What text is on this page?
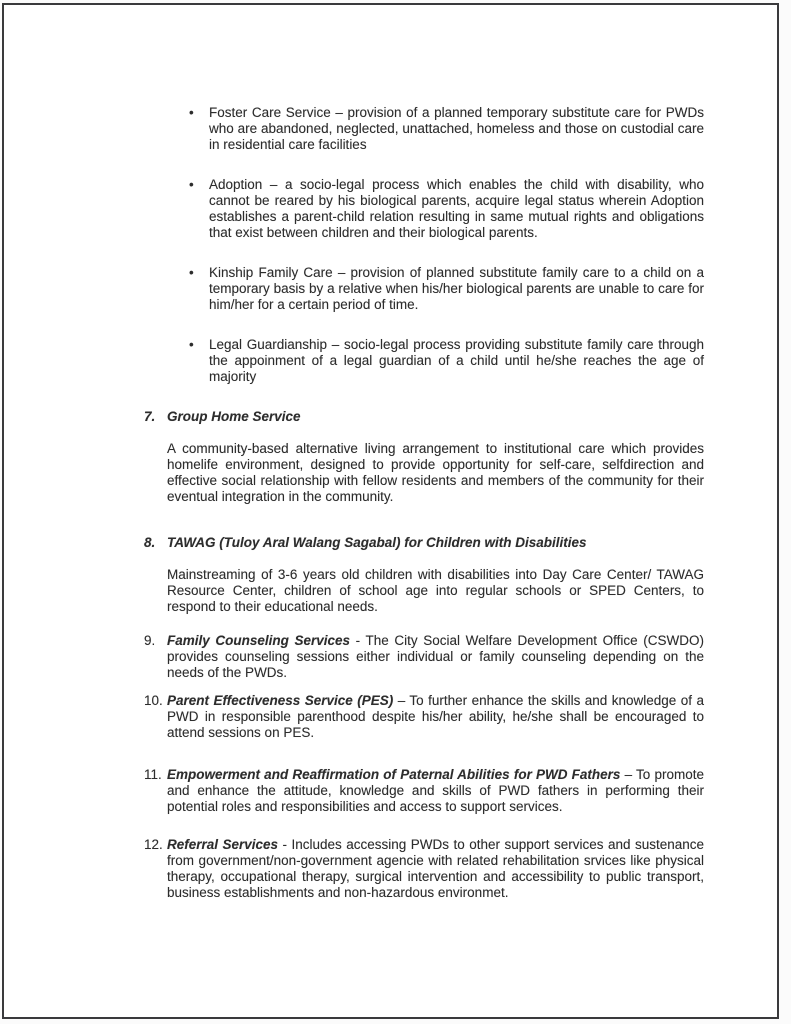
•	Foster Care Service – provision of a planned temporary substitute care for PWDs who are abandoned, neglected, unattached, homeless and those on custodial care in residential care facilities
•	Adoption – a socio-legal process which enables the child with disability, who cannot be reared by his biological parents, acquire legal status wherein Adoption establishes a parent-child relation resulting in same mutual rights and obligations that exist between children and their biological parents.
•	Kinship Family Care – provision of planned substitute family care to a child on a temporary basis by a relative when his/her biological parents are unable to care for him/her for a certain period of time.
•	Legal Guardianship – socio-legal process providing substitute family care through the appoinment of a legal guardian of a child until he/she reaches the age of majority
7. Group Home Service

A community-based alternative living arrangement to institutional care which provides homelife environment, designed to provide opportunity for self-care, selfdirection and effective social relationship with fellow residents and members of the community for their eventual integration in the community.

8. TAWAG (Tuloy Aral Walang Sagabal) for Children with Disabilities

Mainstreaming of 3-6 years old children with disabilities into Day Care Center/ TAWAG Resource Center, children of school age into regular schools or SPED Centers, to respond to their educational needs.

9. Family Counseling Services - The City Social Welfare Development Office (CSWDO) provides counseling sessions either individual or family counseling depending on the needs of the PWDs.

10. Parent Effectiveness Service (PES) – To further enhance the skills and knowledge of a PWD in responsible parenthood despite his/her ability, he/she shall be encouraged to attend sessions on PES.

11. Empowerment and Reaffirmation of Paternal Abilities for PWD Fathers – To promote and enhance the attitude, knowledge and skills of PWD fathers in performing their potential roles and responsibilities and access to support services.

12. Referral Services - Includes accessing PWDs to other support services and sustenance from government/non-government agencie with related rehabilitation srvices like physical therapy, occupational therapy, surgical intervention and accessibility to public transport, business establishments and non-hazardous environmet.
